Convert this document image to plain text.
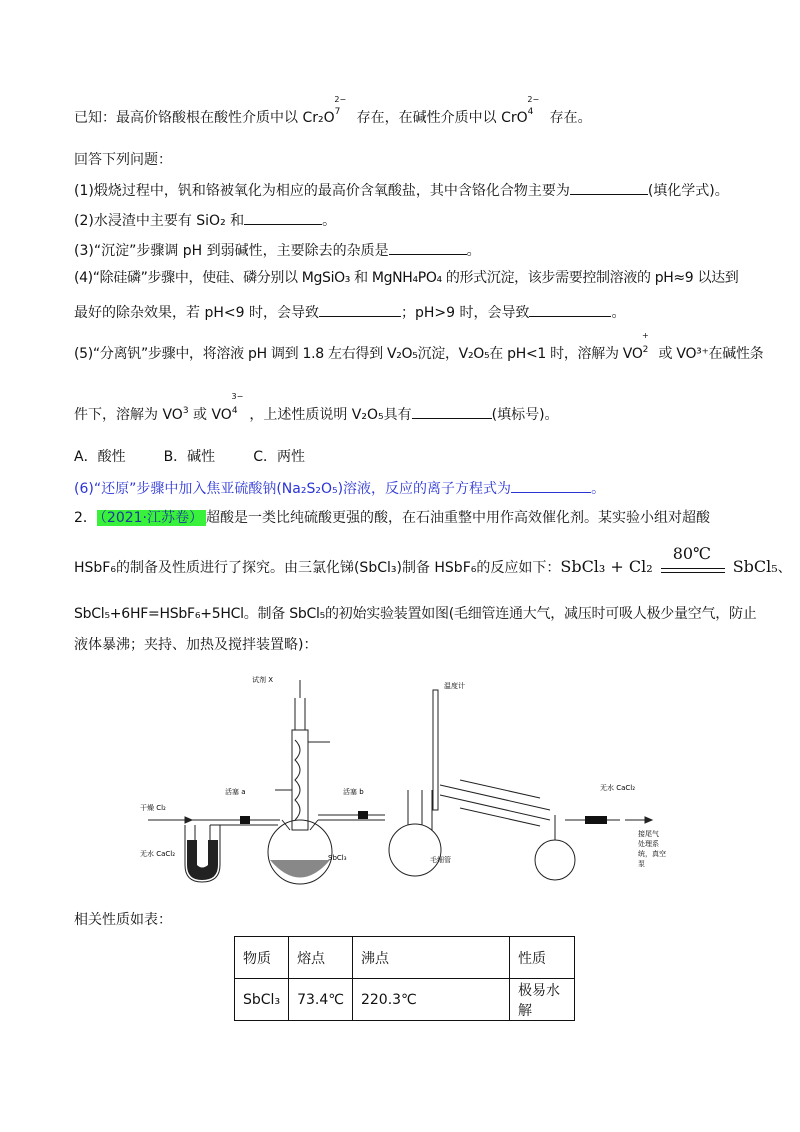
已知：最高价铬酸根在酸性介质中以 $Cr_2O^{72-}$ 存在，在碱性介质中以 CrO$^{42-}$ 存在。
回答下列问题：
(1)煅烧过程中，钒和铬被氧化为相应的最高价含氧酸盐，其中含铬化合物主要为	(填化学式)。
(2)水浸渣中主要有 SiO₂ 和	。
(3)“沉淀”步骤调 pH 到弱碱性，主要除去的杂质是	。
(4)“除硅磷”步骤中，使硅、磷分别以 MgSiO₃ 和 MgNH₄PO₄ 的形式沉淀，该步需要控制溶液的 pH≈9 以达到
最好的除杂效果，若 pH<9 时，会导致	；pH>9 时，会导致	。
(5)“分离钒”步骤中，将溶液 pH 调到 1.8 左右得到 V₂O₅沉淀，V₂O₅在 pH<1 时，溶解为 $VO^{2+}$ 或 VO³⁺在碱性条
件下，溶解为 $VO^3$ 或 $VO^{43-}$，上述性质说明 V₂O₅具有	(填标号)。
A．酸性	B．碱性	C．两性
(6)“还原”步骤中加入焦亚硫酸钠(Na₂S₂O₅)溶液，反应的离子方程式为	。
2． （2021·江苏卷） 超酸是一类比纯硫酸更强的酸，在石油重整中用作高效催化剂。某实验小组对超酸
HSbF₆的制备及性质进行了探究。由三氯化锑(SbCl₃)制备 HSbF₆的反应如下：SbCl₃ + Cl₂
80℃
SbCl₅、
SbCl₅+6HF=HSbF₆+5HCl。制备 SbCl₅的初始实验装置如图(毛细管连通大气，减压时可吸人极少量空气，防止
液体暴沸；夹持、加热及搅拌装置略)：
试剂 X
温度计
干燥 Cl₂
活塞 a	活塞 b
无水 CaCl₂	SbCl₃	毛细管
无水 CaCl₂
接尾气处理系统，真空泵
相关性质如表：
物质	熔点	沸点	性质
SbCl₃	73.4℃	220.3℃	极易水解
